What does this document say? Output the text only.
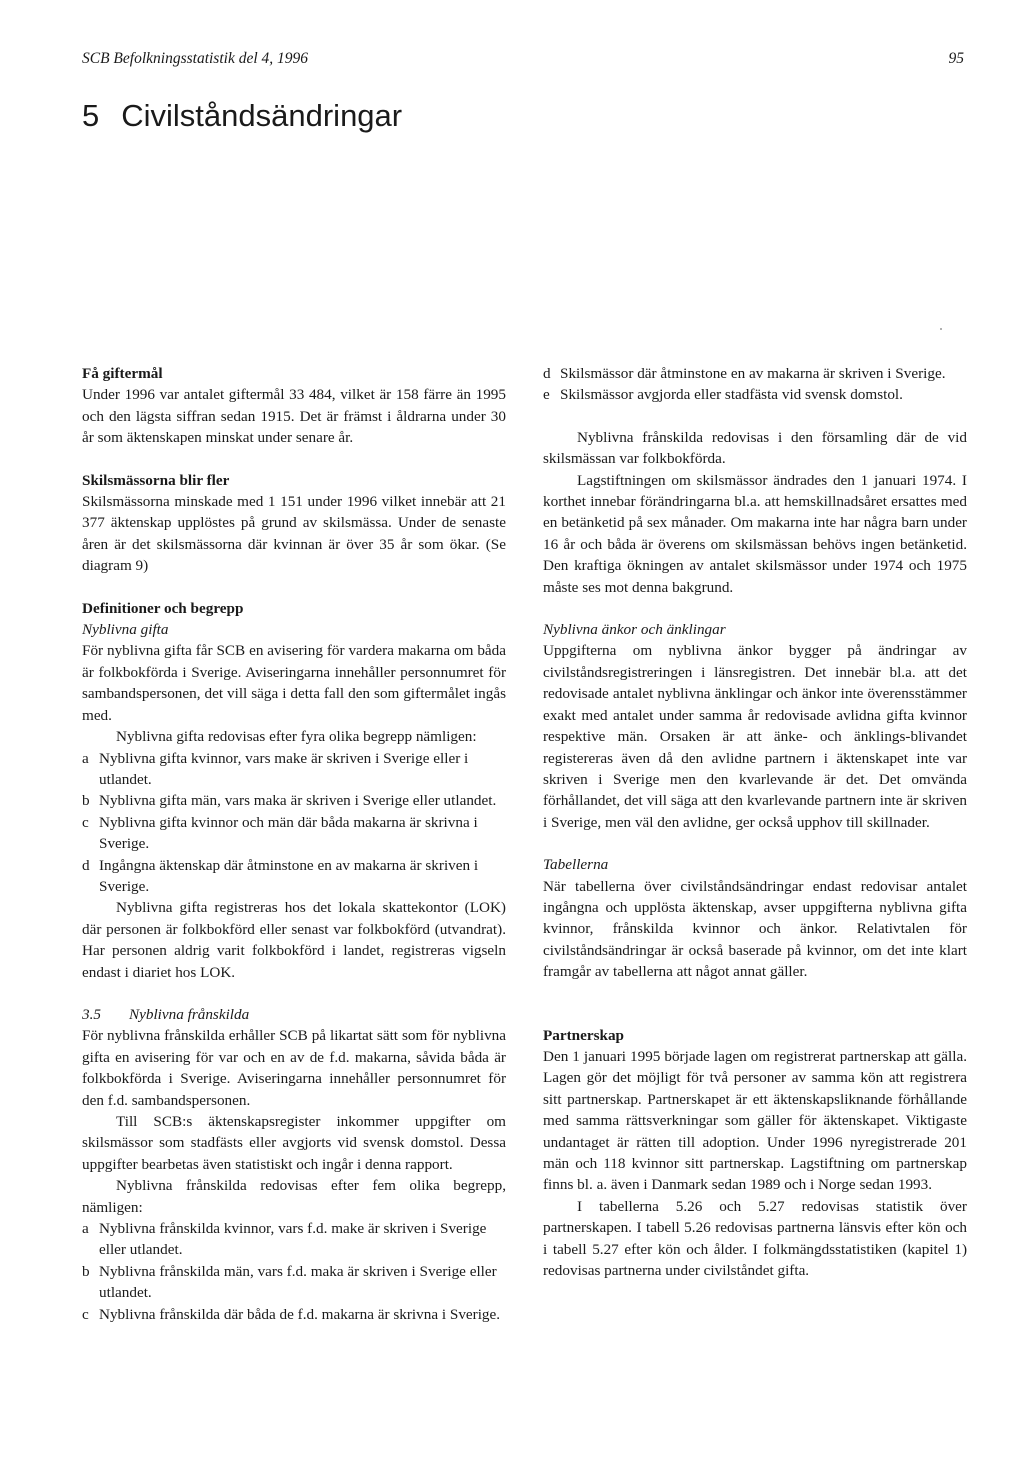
SCB Befolkningsstatistik del 4, 1996	95
5 Civilståndsändringar
Få giftermål

Under 1996 var antalet giftermål 33 484, vilket är 158 färre än 1995 och den lägsta siffran sedan 1915. Det är främst i åldrarna under 30 år som äktenskapen minskat under senare år.

Skilsmässorna blir fler

Skilsmässorna minskade med 1 151 under 1996 vilket innebär att 21 377 äktenskap upplöstes på grund av skilsmässa. Under de senaste åren är det skilsmässorna där kvinnan är över 35 år som ökar. (Se diagram 9)

Definitioner och begrepp
Nyblivna gifta

För nyblivna gifta får SCB en avisering för vardera makarna om båda är folkbokförda i Sverige. Aviseringarna innehåller personnumret för sambandspersonen, det vill säga i detta fall den som giftermålet ingås med.

Nyblivna gifta redovisas efter fyra olika begrepp nämligen:

a Nyblivna gifta kvinnor, vars make är skriven i Sverige eller i utlandet.
b Nyblivna gifta män, vars maka är skriven i Sverige eller utlandet.
c Nyblivna gifta kvinnor och män där båda makarna är skrivna i Sverige.
d Ingångna äktenskap där åtminstone en av makarna är skriven i Sverige.

Nyblivna gifta registreras hos det lokala skattekontor (LOK) där personen är folkbokförd eller senast var folkbokförd (utvandrat). Har personen aldrig varit folkbokförd i landet, registreras vigseln endast i diariet hos LOK.

3.5 Nyblivna frånskilda

För nyblivna frånskilda erhåller SCB på likartat sätt som för nyblivna gifta en avisering för var och en av de f.d. makarna, såvida båda är folkbokförda i Sverige. Aviseringarna innehåller personnumret för den f.d. sambandspersonen.

Till SCB:s äktenskapsregister inkommer uppgifter om skilsmässor som stadfästs eller avgjorts vid svensk domstol. Dessa uppgifter bearbetas även statistiskt och ingår i denna rapport.

Nyblivna frånskilda redovisas efter fem olika begrepp, nämligen:

a Nyblivna frånskilda kvinnor, vars f.d. make är skriven i Sverige eller utlandet.
b Nyblivna frånskilda män, vars f.d. maka är skriven i Sverige eller utlandet.
c Nyblivna frånskilda där båda de f.d. makarna är skrivna i Sverige.
d Skilsmässor där åtminstone en av makarna är skriven i Sverige.
e Skilsmässor avgjorda eller stadfästa vid svensk domstol.

Nyblivna frånskilda redovisas i den församling där de vid skilsmässan var folkbokförda.

Lagstiftningen om skilsmässor ändrades den 1 januari 1974. I korthet innebar förändringarna bl.a. att hemskillnadsåret ersattes med en betänketid på sex månader. Om makarna inte har några barn under 16 år och båda är överens om skilsmässan behövs ingen betänketid. Den kraftiga ökningen av antalet skilsmässor under 1974 och 1975 måste ses mot denna bakgrund.

Nyblivna änkor och änklingar

Uppgifterna om nyblivna änkor bygger på ändringar av civilståndsregistreringen i länsregistren. Det innebär bl.a. att det redovisade antalet nyblivna änklingar och änkor inte överensstämmer exakt med antalet under samma år redovisade avlidna gifta kvinnor respektive män. Orsaken är att änke- och änklings-blivandet registereras även då den avlidne partnern i äktenskapet inte var skriven i Sverige men den kvarlevande är det. Det omvända förhållandet, det vill säga att den kvarlevande partnern inte är skriven i Sverige, men väl den avlidne, ger också upphov till skillnader.

Tabellerna

När tabellerna över civilståndsändringar endast redovisar antalet ingångna och upplösta äktenskap, avser uppgifterna nyblivna gifta kvinnor, frånskilda kvinnor och änkor. Relativtalen för civilståndsändringar är också baserade på kvinnor, om det inte klart framgår av tabellerna att något annat gäller.

Partnerskap

Den 1 januari 1995 började lagen om registrerat partnerskap att gälla. Lagen gör det möjligt för två personer av samma kön att registrera sitt partnerskap. Partnerskapet är ett äktenskapsliknande förhållande med samma rättsverkningar som gäller för äktenskapet. Viktigaste undantaget är rätten till adoption. Under 1996 nyregistrerade 201 män och 118 kvinnor sitt partnerskap. Lagstiftning om partnerskap finns bl. a. även i Danmark sedan 1989 och i Norge sedan 1993.

I tabellerna 5.26 och 5.27 redovisas statistik över partnerskapen. I tabell 5.26 redovisas partnerna länsvis efter kön och i tabell 5.27 efter kön och ålder. I folkmängdsstatistiken (kapitel 1) redovisas partnerna under civilståndet gifta.
